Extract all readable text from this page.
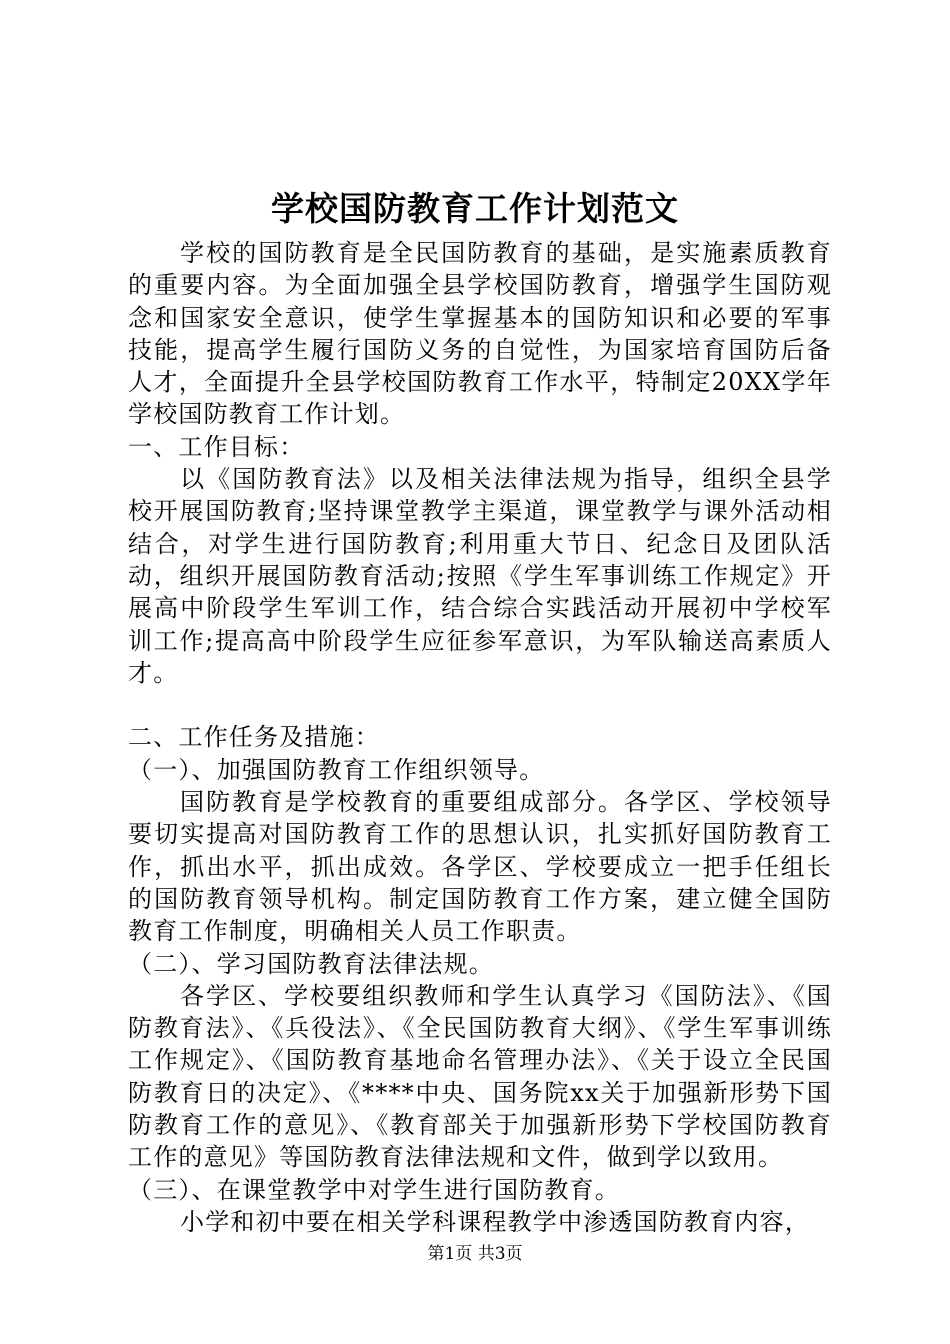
学校国防教育工作计划范文

学校的国防教育是全民国防教育的基础，是实施素质教育的重要内容。为全面加强全县学校国防教育，增强学生国防观念和国家安全意识，使学生掌握基本的国防知识和必要的军事技能，提高学生履行国防义务的自觉性，为国家培育国防后备人才，全面提升全县学校国防教育工作水平，特制定20XX学年学校国防教育工作计划。

一、工作目标：

以《国防教育法》以及相关法律法规为指导，组织全县学校开展国防教育;坚持课堂教学主渠道，课堂教学与课外活动相结合，对学生进行国防教育;利用重大节日、纪念日及团队活动，组织开展国防教育活动;按照《学生军事训练工作规定》开展高中阶段学生军训工作，结合综合实践活动开展初中学校军训工作;提高高中阶段学生应征参军意识，为军队输送高素质人才。

二、工作任务及措施：

（一）、加强国防教育工作组织领导。

国防教育是学校教育的重要组成部分。各学区、学校领导要切实提高对国防教育工作的思想认识，扎实抓好国防教育工作，抓出水平，抓出成效。各学区、学校要成立一把手任组长的国防教育领导机构。制定国防教育工作方案，建立健全国防教育工作制度，明确相关人员工作职责。

（二）、学习国防教育法律法规。

各学区、学校要组织教师和学生认真学习《国防法》、《国防教育法》、《兵役法》、《全民国防教育大纲》、《学生军事训练工作规定》、《国防教育基地命名管理办法》、《关于设立全民国防教育日的决定》、《****中央、国务院xx关于加强新形势下国防教育工作的意见》、《教育部关于加强新形势下学校国防教育工作的意见》等国防教育法律法规和文件，做到学以致用。

（三）、在课堂教学中对学生进行国防教育。

小学和初中要在相关学科课程教学中渗透国防教育内容，

第1页 共3页
